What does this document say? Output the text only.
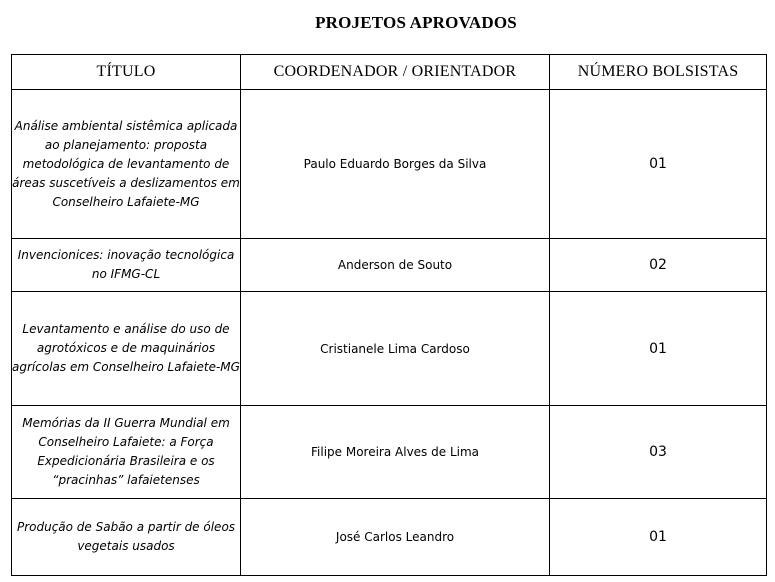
PROJETOS APROVADOS
TÍTULO	COORDENADOR / ORIENTADOR	NÚMERO BOLSISTAS

Análise ambiental sistêmica aplicada ao planejamento: proposta metodológica de levantamento de áreas suscetíveis a deslizamentos em Conselheiro Lafaiete-MG	Paulo Eduardo Borges da Silva	01

Invencionices: inovação tecnológica no IFMG-CL	Anderson de Souto	02

Levantamento e análise do uso de agrotóxicos e de maquinários agrícolas em Conselheiro Lafaiete-MG	Cristianele Lima Cardoso	01

Memórias da II Guerra Mundial em Conselheiro Lafaiete: a Força Expedicionária Brasileira e os “pracinhas” lafaietenses	Filipe Moreira Alves de Lima	03

Produção de Sabão a partir de óleos vegetais usados	José Carlos Leandro	01
